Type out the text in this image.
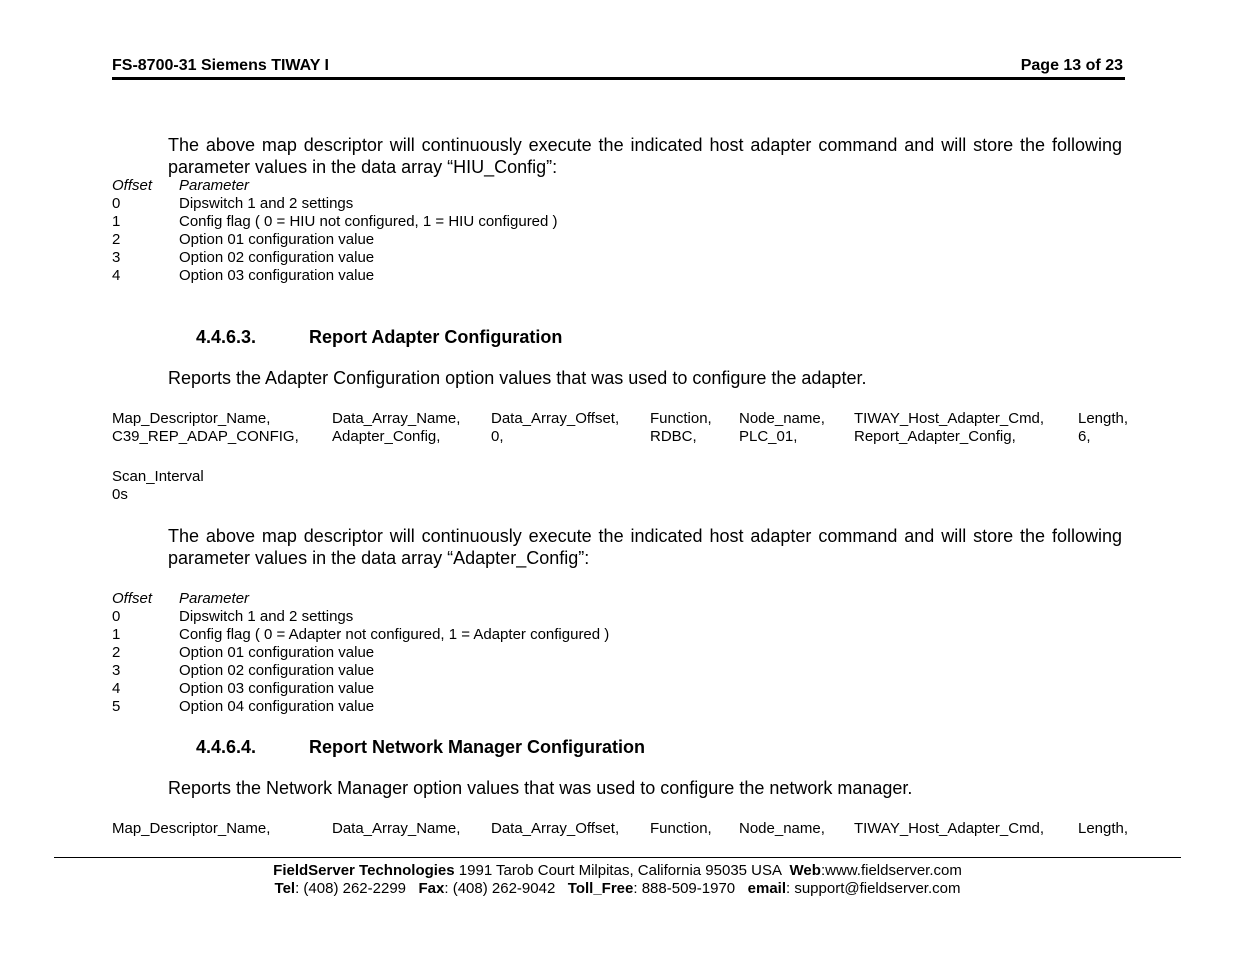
FS-8700-31 Siemens TIWAY I	Page 13 of 23
The above map descriptor will continuously execute the indicated host adapter command and will store the following parameter values in the data array “HIU_Config”:
Offset	Parameter
0	Dipswitch 1 and 2 settings
1	Config flag ( 0 = HIU not configured, 1 = HIU configured )
2	Option 01 configuration value
3	Option 02 configuration value
4	Option 03 configuration value
4.4.6.3.	Report Adapter Configuration
Reports the Adapter Configuration option values that was used to configure the adapter.
Map_Descriptor_Name,	Data_Array_Name, Data_Array_Offset, Function, Node_name, TIWAY_Host_Adapter_Cmd, Length,
C39_REP_ADAP_CONFIG, Adapter_Config,	0,	RDBC,	PLC_01,	Report_Adapter_Config,	6,
Scan_Interval
0s
The above map descriptor will continuously execute the indicated host adapter command and will store the following parameter values in the data array “Adapter_Config”:
Offset	Parameter
0	Dipswitch 1 and 2 settings
1	Config flag ( 0 = Adapter not configured, 1 = Adapter configured )
2	Option 01 configuration value
3	Option 02 configuration value
4	Option 03 configuration value
5	Option 04 configuration value
4.4.6.4.	Report Network Manager Configuration
Reports the Network Manager option values that was used to configure the network manager.
Map_Descriptor_Name,	Data_Array_Name, Data_Array_Offset, Function, Node_name, TIWAY_Host_Adapter_Cmd, Length,
FieldServer Technologies 1991 Tarob Court Milpitas, California 95035 USA  Web:www.fieldserver.com
Tel: (408) 262-2299   Fax: (408) 262-9042   Toll_Free: 888-509-1970   email: support@fieldserver.com
